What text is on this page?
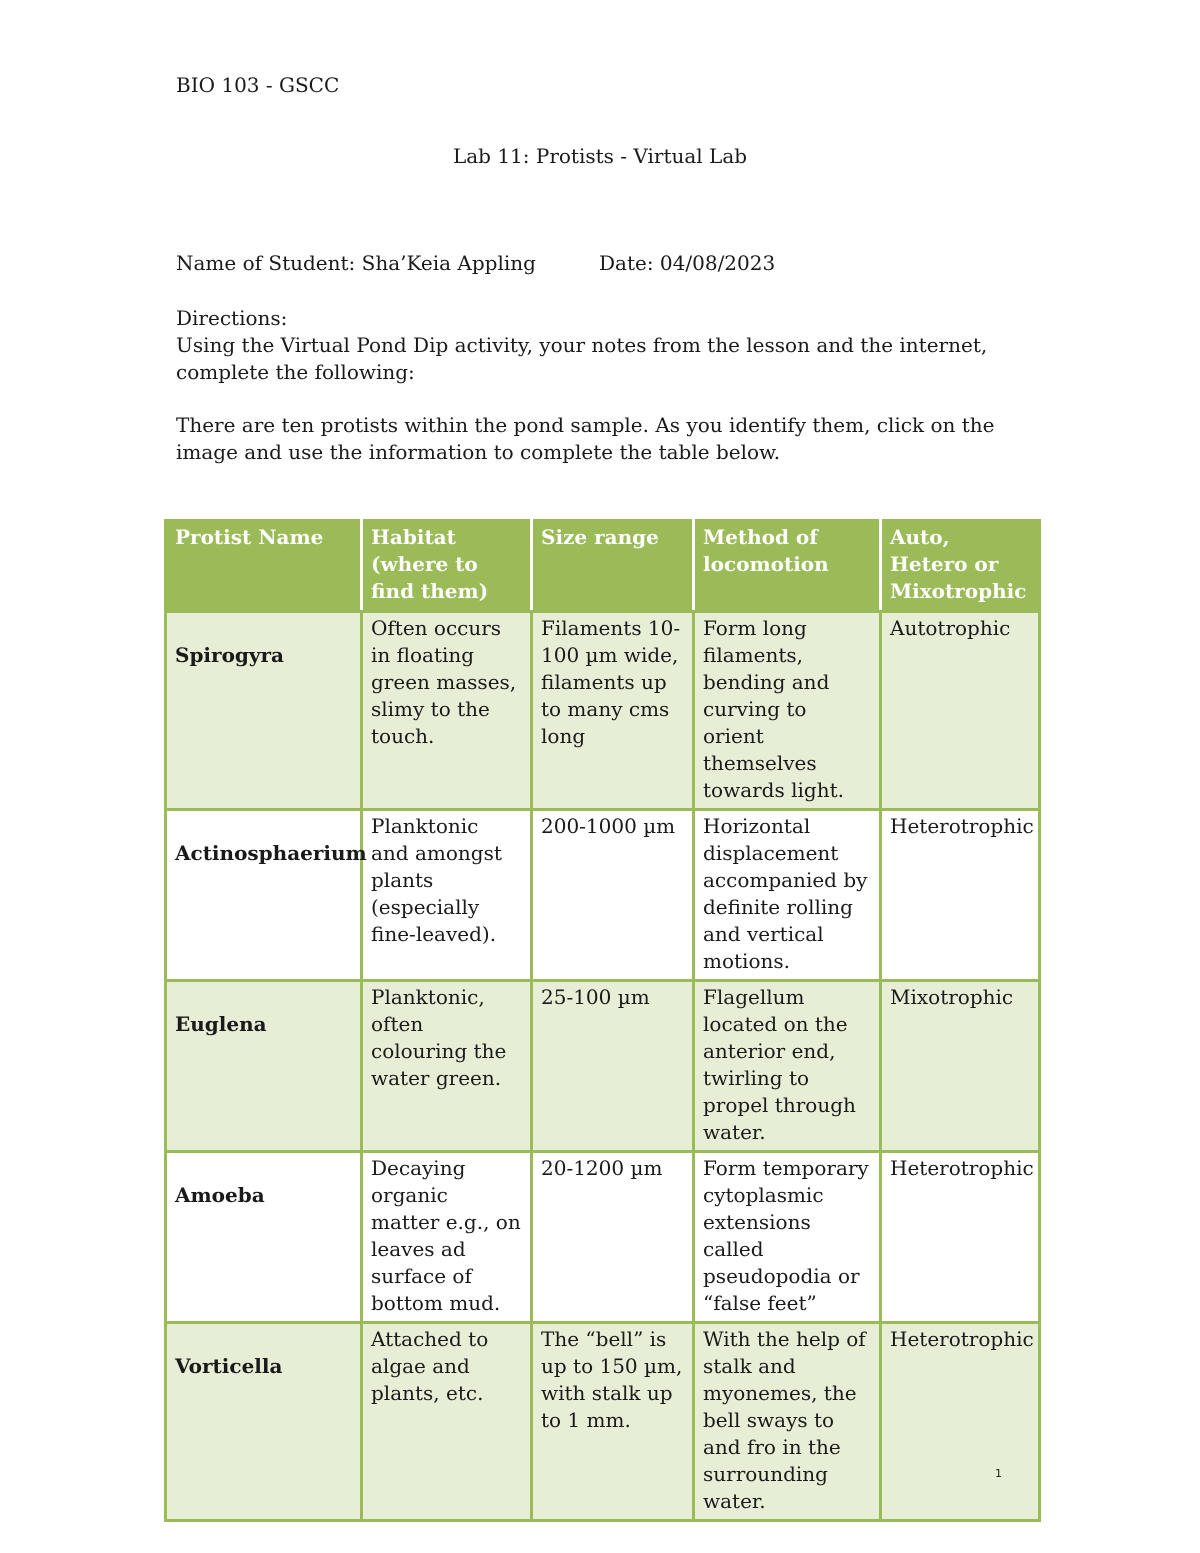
BIO 103 - GSCC
Lab 11: Protists - Virtual Lab
Name of Student: Sha’Keia Appling	Date: 04/08/2023
Directions:
Using the Virtual Pond Dip activity, your notes from the lesson and the internet, complete the following:
There are ten protists within the pond sample. As you identify them, click on the image and use the information to complete the table below.
Protist Name	Habitat (where to find them)	Size range	Method of locomotion	Auto, Hetero or Mixotrophic
Spirogyra	Often occurs in floating green masses, slimy to the touch.	Filaments 10-100 µm wide, filaments up to many cms long	Form long filaments, bending and curving to orient themselves towards light.	Autotrophic
Actinosphaerium	Planktonic and amongst plants (especially fine-leaved).	200-1000 µm	Horizontal displacement accompanied by definite rolling and vertical motions.	Heterotrophic
Euglena	Planktonic, often colouring the water green.	25-100 µm	Flagellum located on the anterior end, twirling to propel through water.	Mixotrophic
Amoeba	Decaying organic matter e.g., on leaves ad surface of bottom mud.	20-1200 µm	Form temporary cytoplasmic extensions called pseudopodia or “false feet”	Heterotrophic
Vorticella	Attached to algae and plants, etc.	The “bell” is up to 150 µm, with stalk up to 1 mm.	With the help of stalk and myonemes, the bell sways to and fro in the surrounding water.	Heterotrophic
1
